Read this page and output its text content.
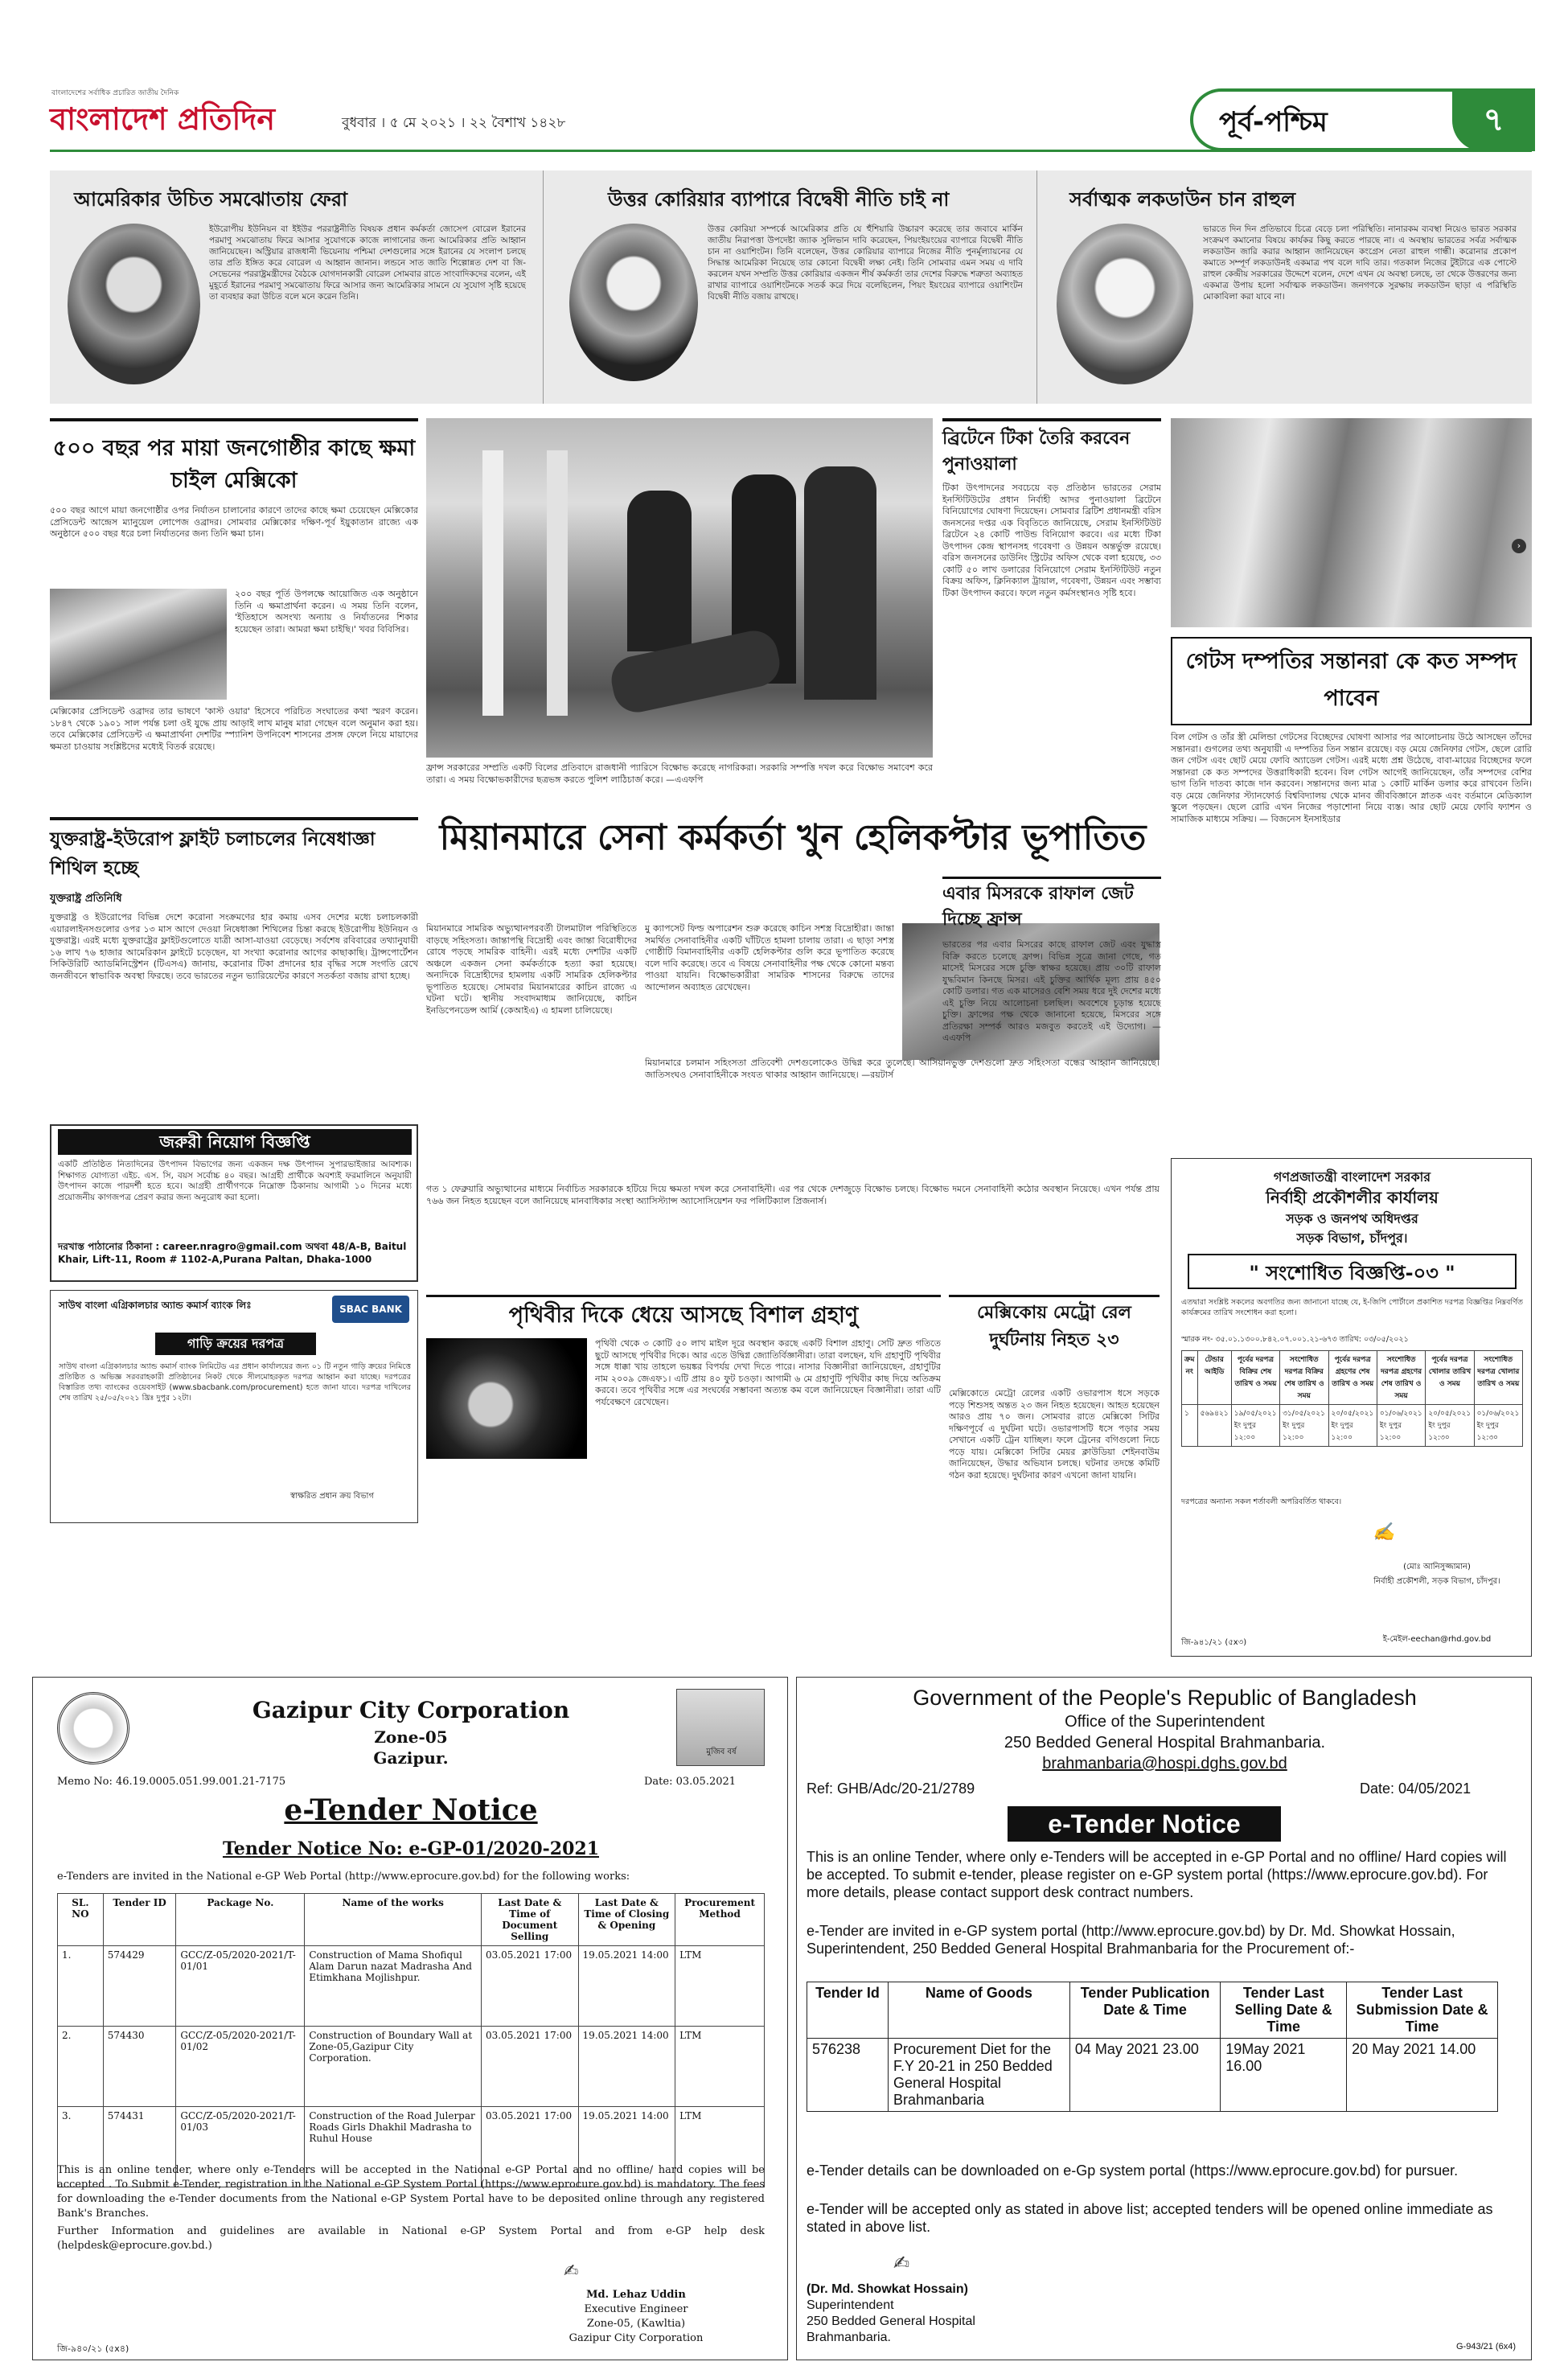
বাংলাদেশের সর্বাধিক প্রচারিত জাতীয় দৈনিক
বাংলাদেশ প্রতিদিন	বুধবার । ৫ মে ২০২১ । ২২ বৈশাখ ১৪২৮	পূর্ব-পশ্চিম	৭
আমেরিকার উচিত সমঝোতায় ফেরা
ইউরোপীয় ইউনিয়ন বা ইইউর পররাষ্ট্রনীতি বিষয়ক প্রধান কর্মকর্তা জোসেপ বোরেল ইরানের পরমাণু সমঝোতায় ফিরে আসার সুযোগকে কাজে লাগানোর জন্য আমেরিকার প্রতি আহ্বান জানিয়েছেন। অস্ট্রিয়ার রাজধানী ভিয়েনায় পশ্চিমা দেশগুলোর সঙ্গে ইরানের যে সংলাপ চলছে তার প্রতি ইঙ্গিত করে বোরেল এ আহ্বান জানান। লন্ডনে সাত জাতি শিল্পোন্নত দেশ বা জি-সেভেনের পররাষ্ট্রমন্ত্রীদের বৈঠকে যোগদানকারী বোরেল সোমবার রাতে সাংবাদিকদের বলেন, এই মুহূর্তে ইরানের পরমাণু সমঝোতায় ফিরে আসার জন্য আমেরিকার সামনে যে সুযোগ সৃষ্টি হয়েছে তা ব্যবহার করা উচিত বলে মনে করেন তিনি।
উত্তর কোরিয়ার ব্যাপারে বিদ্বেষী নীতি চাই না
উত্তর কোরিয়া সম্পর্কে আমেরিকার প্রতি যে হুঁশিয়ারি উচ্চারণ করেছে তার জবাবে মার্কিন জাতীয় নিরাপত্তা উপদেষ্টা জ্যাক সুলিভান দাবি করেছেন, পিয়ংইয়ংয়ের ব্যাপারে বিদ্বেষী নীতি চান না ওয়াশিংটন। তিনি বলেছেন, উত্তর কোরিয়ার ব্যাপারে নিজের নীতি পুনর্মূল্যায়নের যে সিদ্ধান্ত আমেরিকা নিয়েছে তার কোনো বিদ্বেষী লক্ষ্য নেই। তিনি সোমবার এমন সময় এ দাবি করলেন যখন সম্প্রতি উত্তর কোরিয়ার একজন শীর্ষ কর্মকর্তা তার দেশের বিরুদ্ধে শত্রুতা অব্যাহত রাখার ব্যাপারে ওয়াশিংটনকে সতর্ক করে দিয়ে বলেছিলেন, পিয়ং ইয়ংয়ের ব্যাপারে ওয়াশিংটন বিদ্বেষী নীতি বজায় রাখছে।
সর্বাত্মক লকডাউন চান রাহুল
ভারতে দিন দিন প্রতিভাবে চিত্রে বেড়ে চলা পরিস্থিতি। নানারকম ব্যবস্থা নিয়েও ভারত সরকার সংক্রমণ কমানোর বিষয়ে কার্যকর কিছু করতে পারছে না। এ অবস্থায় ভারতের সর্বত্র সর্বাত্মক লকডাউন জারি করার আহ্বান জানিয়েছেন কংগ্রেস নেতা রাহুল গান্ধী। করোনার প্রকোপ কমাতে সম্পূর্ণ লকডাউনই একমাত্র পথ বলে দাবি তার। গতকাল নিজের টুইটারে এক পোস্টে রাহুল কেন্দ্রীয় সরকারের উদ্দেশে বলেন, দেশে এখন যে অবস্থা চলছে, তা থেকে উত্তরণের জন্য একমাত্র উপায় হলো সর্বাত্মক লকডাউন। জনগণকে সুরক্ষায় লকডাউন ছাড়া এ পরিস্থিতি মোকাবিলা করা যাবে না।
৫০০ বছর পর মায়া জনগোষ্ঠীর কাছে ক্ষমা চাইল মেক্সিকো
৫০০ বছর আগে মায়া জনগোষ্ঠীর ওপর নির্যাতন চালানোর কারণে তাদের কাছে ক্ষমা চেয়েছেন মেক্সিকোর প্রেসিডেন্ট আন্দ্রেস ম্যানুয়েল লোপেজ ওব্রাদর। সোমবার মেক্সিকোর দক্ষিণ-পূর্ব ইয়ুকাতান রাজ্যে এক অনুষ্ঠানে ৫০০ বছর ধরে চলা নির্যাতনের জন্য তিনি ক্ষমা চান।
২০০ বছর পূর্তি উপলক্ষে আয়োজিত এক অনুষ্ঠানে তিনি এ ক্ষমাপ্রার্থনা করেন। এ সময় তিনি বলেন, 'ইতিহাসে অসংখ্য অন্যায় ও নির্যাতনের শিকার হয়েছেন তারা। আমরা ক্ষমা চাইছি।' খবর বিবিসির।
মেক্সিকোর প্রেসিডেন্ট ওব্রাদর তার ভাষণে 'কাস্ট ওয়ার' হিসেবে পরিচিত সংঘাতের কথা স্মরণ করেন। ১৮৪৭ থেকে ১৯০১ সাল পর্যন্ত চলা ওই যুদ্ধে প্রায় আড়াই লাখ মানুষ মারা গেছেন বলে অনুমান করা হয়। তবে মেক্সিকোর প্রেসিডেন্ট এ ক্ষমাপ্রার্থনা দেশটির স্প্যানিশ উপনিবেশ শাসনের প্রসঙ্গ ফেলে নিয়ে মায়াদের ক্ষমতা চাওয়ায় সংশ্লিষ্টদের মধ্যেই বিতর্ক রয়েছে।
ফ্রান্স সরকারের সম্প্রতি একটি বিলের প্রতিবাদে রাজধানী প্যারিসে বিক্ষোভ করেছে নাগরিকরা। সরকারি সম্পত্তি দখল করে বিক্ষোভ সমাবেশ করে তারা। এ সময় বিক্ষোভকারীদের ছত্রভঙ্গ করতে পুলিশ লাঠিচার্জ করে। —এএফপি
ব্রিটেনে টিকা তৈরি করবেন পুনাওয়ালা
টিকা উৎপাদনের সবচেয়ে বড় প্রতিষ্ঠান ভারতের সেরাম ইনস্টিটিউটের প্রধান নির্বাহী আদর পুনাওয়ালা ব্রিটেনে বিনিয়োগের ঘোষণা দিয়েছেন। সোমবার ব্রিটিশ প্রধানমন্ত্রী বরিস জনসনের দপ্তর এক বিবৃতিতে জানিয়েছে, সেরাম ইনস্টিটিউট ব্রিটেনে ২৪ কোটি পাউন্ড বিনিয়োগ করবে। এর মধ্যে টিকা উৎপাদন কেন্দ্র স্থাপনসহ গবেষণা ও উন্নয়ন অন্তর্ভুক্ত রয়েছে। বরিস জনসনের ডাউনিং স্ট্রিটের অফিস থেকে বলা হয়েছে, ৩৩ কোটি ৫০ লাখ ডলারের বিনিয়োগে সেরাম ইনস্টিটিউট নতুন বিক্রয় অফিস, ক্লিনিক্যাল ট্রায়াল, গবেষণা, উন্নয়ন এবং সম্ভাব্য টিকা উৎপাদন করবে। ফলে নতুন কর্মসংস্থানও সৃষ্টি হবে।
›
গেটস দম্পতির সন্তানরা কে কত সম্পদ পাবেন
বিল গেটস ও তাঁর স্ত্রী মেলিন্ডা গেটসের বিচ্ছেদের ঘোষণা আসার পর আলোচনায় উঠে আসছেন তাঁদের সন্তানরা। গুগলের তথ্য অনুযায়ী এ দম্পতির তিন সন্তান রয়েছে। বড় মেয়ে জেনিফার গেটস, ছেলে রোরি জন গেটস এবং ছোট মেয়ে ফোবি অ্যাডেল গেটস। এরই মধ্যে প্রশ্ন উঠেছে, বাবা-মায়ের বিচ্ছেদের ফলে সন্তানরা কে কত সম্পদের উত্তরাধিকারী হবেন। বিল গেটস আগেই জানিয়েছেন, তাঁর সম্পদের বেশির ভাগ তিনি দাতব্য কাজে দান করবেন। সন্তানদের জন্য মাত্র ১ কোটি মার্কিন ডলার করে রাখবেন তিনি। বড় মেয়ে জেনিফার স্ট্যানফোর্ড বিশ্ববিদ্যালয় থেকে মানব জীববিজ্ঞানে স্নাতক এবং বর্তমানে মেডিক্যাল স্কুলে পড়ছেন। ছেলে রোরি এখন নিজের পড়াশোনা নিয়ে ব্যস্ত। আর ছোট মেয়ে ফোবি ফ্যাশন ও সামাজিক মাধ্যমে সক্রিয়। — বিজনেস ইনসাইডার
মিয়ানমারে সেনা কর্মকর্তা খুন হেলিকপ্টার ভূপাতিত
মিয়ানমারে সামরিক অভ্যুত্থানপরবর্তী টালমাটাল পরিস্থিতিতে বাড়ছে সহিংসতা। জান্তাপন্থি বিদ্রোহী এবং জান্তা বিরোধীদের রোষে পড়ছে সামরিক বাহিনী। এরই মধ্যে দেশটির একটি অঞ্চলে একজন সেনা কর্মকর্তাকে হত্যা করা হয়েছে। অন্যদিকে বিদ্রোহীদের হামলায় একটি সামরিক হেলিকপ্টার ভূপাতিত হয়েছে। সোমবার মিয়ানমারের কাচিন রাজ্যে এ ঘটনা ঘটে। স্থানীয় সংবাদমাধ্যম জানিয়েছে, কাচিন ইনডিপেনডেন্স আর্মি (কেআইএ) এ হামলা চালিয়েছে।
মু ক্যাপসেট ফিল্ড অপারেশন শুরু করেছে কাচিন সশস্ত্র বিদ্রোহীরা। জান্তা সমর্থিত সেনাবাহিনীর একটি ঘাঁটিতে হামলা চালায় তারা। এ ছাড়া সশস্ত্র গোষ্ঠীটি বিমানবাহিনীর একটি হেলিকপ্টার গুলি করে ভূপাতিত করেছে বলে দাবি করেছে। তবে এ বিষয়ে সেনাবাহিনীর পক্ষ থেকে কোনো মন্তব্য পাওয়া যায়নি। বিক্ষোভকারীরা সামরিক শাসনের বিরুদ্ধে তাদের আন্দোলন অব্যাহত রেখেছেন।
মিয়ানমারে চলমান সহিংসতা প্রতিবেশী দেশগুলোকেও উদ্বিগ্ন করে তুলেছে। আসিয়ানভুক্ত দেশগুলো দ্রুত সহিংসতা বন্ধের আহ্বান জানিয়েছে। জাতিসংঘও সেনাবাহিনীকে সংযত থাকার আহ্বান জানিয়েছে। —রয়টার্স
গত ১ ফেব্রুয়ারি অভ্যুত্থানের মাধ্যমে নির্বাচিত সরকারকে হটিয়ে দিয়ে ক্ষমতা দখল করে সেনাবাহিনী। এর পর থেকে দেশজুড়ে বিক্ষোভ চলছে। বিক্ষোভ দমনে সেনাবাহিনী কঠোর অবস্থান নিয়েছে। এখন পর্যন্ত প্রায় ৭৬৬ জন নিহত হয়েছেন বলে জানিয়েছে মানবাধিকার সংস্থা অ্যাসিস্ট্যান্স অ্যাসোসিয়েশন ফর পলিটিক্যাল প্রিজনার্স।
যুক্তরাষ্ট্র-ইউরোপ ফ্লাইট চলাচলের নিষেধাজ্ঞা শিথিল হচ্ছে
যুক্তরাষ্ট্র প্রতিনিধি
যুক্তরাষ্ট্র ও ইউরোপের বিভিন্ন দেশে করোনা সংক্রমণের হার কমায় এসব দেশের মধ্যে চলাচলকারী এয়ারলাইনসগুলোর ওপর ১৩ মাস আগে দেওয়া নিষেধাজ্ঞা শিথিলের চিন্তা করছে ইউরোপীয় ইউনিয়ন ও যুক্তরাষ্ট্র। এরই মধ্যে যুক্তরাষ্ট্রের ফ্লাইটগুলোতে যাত্রী আসা-যাওয়া বেড়েছে। সর্বশেষ রবিবারের তথ্যানুযায়ী ১৬ লাখ ৭৬ হাজার আমেরিকান ফ্লাইটে চড়েছেন, যা সংখ্যা করোনার আগের কাছাকাছি। ট্রান্সপোর্টেশন সিকিউরিটি অ্যাডমিনিস্ট্রেশন (টিএসএ) জানায়, করোনার টিকা প্রদানের হার বৃদ্ধির সঙ্গে সংগতি রেখে জনজীবনে স্বাভাবিক অবস্থা ফিরছে। তবে ভারতের নতুন ভ্যারিয়েন্টের কারণে সতর্কতা বজায় রাখা হচ্ছে।
জরুরী নিয়োগ বিজ্ঞপ্তি
একটি প্রতিষ্ঠিত নিত্যদিনের উৎপাদন বিভাগের জন্য একজন দক্ষ উৎপাদন সুপারভাইজার আবশ্যক। শিক্ষাগত যোগ্যতা এইচ. এস. সি, বয়স সর্বোচ্চ ৪০ বছর। আগ্রহী প্রার্থীকে অবশ্যই ফরমালিনে অনুযায়ী উৎপাদন কাজে পারদর্শী হতে হবে। আগ্রহী প্রার্থীগণকে নিম্নোক্ত ঠিকানায় আগামী ১০ দিনের মধ্যে প্রয়োজনীয় কাগজপত্র প্রেরণ করার জন্য অনুরোধ করা হলো।
দরখাস্ত পাঠানোর ঠিকানা : career.nragro@gmail.com অথবা 48/A-B, Baitul Khair, Lift-11, Room # 1102-A,Purana Paltan, Dhaka-1000
সাউথ বাংলা এগ্রিকালচার অ্যান্ড কমার্স ব্যাংক লিঃ	SBAC BANK
গাড়ি ক্রয়ের দরপত্র
সাউথ বাংলা এগ্রিকালচার অ্যান্ড কমার্স ব্যাংক লিমিটেড এর প্রধান কার্যালয়ের জন্য ০১ টি নতুন গাড়ি ক্রয়ের নিমিত্তে প্রতিষ্ঠিত ও অভিজ্ঞ সরবরাহকারী প্রতিষ্ঠানের নিকট থেকে সীলমোহরকৃত দরপত্র আহ্বান করা যাচ্ছে। দরপত্রের বিস্তারিত তথ্য ব্যাংকের ওয়েবসাইট (www.sbacbank.com/procurement) হতে জানা যাবে। দরপত্র দাখিলের শেষ তারিখ ২৫/০৫/২০২১ খ্রিঃ দুপুর ১২টা।
স্বাক্ষরিত প্রধান ক্রয় বিভাগ
পৃথিবীর দিকে ধেয়ে আসছে বিশাল গ্রহাণু
পৃথিবী থেকে ৩ কোটি ৫০ লাখ মাইল দূরে অবস্থান করছে একটি বিশাল গ্রহাণু। সেটি দ্রুত গতিতে ছুটে আসছে পৃথিবীর দিকে। আর এতে উদ্বিগ্ন জ্যোতির্বিজ্ঞানীরা। তারা বলছেন, যদি গ্রহাণুটি পৃথিবীর সঙ্গে ধাক্কা খায় তাহলে ভয়ঙ্কর বিপর্যয় দেখা দিতে পারে। নাসার বিজ্ঞানীরা জানিয়েছেন, গ্রহাণুটির নাম ২০০৯ জেএফ১। এটি প্রায় ৪০ ফুট চওড়া। আগামী ৬ মে গ্রহাণুটি পৃথিবীর কাছ দিয়ে অতিক্রম করবে। তবে পৃথিবীর সঙ্গে এর সংঘর্ষের সম্ভাবনা অত্যন্ত কম বলে জানিয়েছেন বিজ্ঞানীরা। তারা এটি পর্যবেক্ষণে রেখেছেন।
মেক্সিকোয় মেট্রো রেল দুর্ঘটনায় নিহত ২৩
মেক্সিকোতে মেট্রো রেলের একটি ওভারপাস ধসে সড়কে পড়ে শিশুসহ অন্তত ২৩ জন নিহত হয়েছেন। আহত হয়েছেন আরও প্রায় ৭০ জন। সোমবার রাতে মেক্সিকো সিটির দক্ষিণপূর্বে এ দুর্ঘটনা ঘটে। ওভারপাসটি ধসে পড়ার সময় সেখানে একটি ট্রেন যাচ্ছিল। ফলে ট্রেনের বগিগুলো নিচে পড়ে যায়। মেক্সিকো সিটির মেয়র ক্লাউডিয়া শেইনবাউম জানিয়েছেন, উদ্ধার অভিযান চলছে। ঘটনার তদন্তে কমিটি গঠন করা হয়েছে। দুর্ঘটনার কারণ এখনো জানা যায়নি।
এবার মিসরকে রাফাল জেট দিচ্ছে ফ্রান্স
ভারতের পর এবার মিসরের কাছে রাফাল জেট এবং যুদ্ধাস্ত্র বিক্রি করতে চলেছে ফ্রান্স। বিভিন্ন সূত্রে জানা গেছে, গত মাসেই মিসরের সঙ্গে চুক্তি স্বাক্ষর হয়েছে। প্রায় ৩০টি রাফাল যুদ্ধবিমান কিনছে মিসর। এই চুক্তির আর্থিক মূল্য প্রায় ৪৫০ কোটি ডলার। গত এক মাসেরও বেশি সময় ধরে দুই দেশের মধ্যে এই চুক্তি নিয়ে আলোচনা চলছিল। অবশেষে চূড়ান্ত হয়েছে চুক্তি। ফ্রান্সের পক্ষ থেকে জানানো হয়েছে, মিসরের সঙ্গে প্রতিরক্ষা সম্পর্ক আরও মজবুত করতেই এই উদ্যোগ। — এএফপি
গণপ্রজাতন্ত্রী বাংলাদেশ সরকার
নির্বাহী প্রকৌশলীর কার্যালয়
সড়ক ও জনপথ অধিদপ্তর
সড়ক বিভাগ, চাঁদপুর।
" সংশোধিত বিজ্ঞপ্তি-০৩ "
এতদ্বারা সংশ্লিষ্ট সকলের অবগতির জন্য জানানো যাচ্ছে যে, ই-জিপি পোর্টালে প্রকাশিত দরপত্র বিজ্ঞপ্তির নিম্নবর্ণিত কার্যক্রমের তারিখ সংশোধন করা হলো।
স্মারক নং- ৩৫.০১.১৩০০.৮৪২.০৭.০০১.২১-৬৭৩ তারিখ: ০৩/০৫/২০২১
ক্রম নং	টেন্ডার আইডি	পূর্বের দরপত্র বিক্রির শেষ তারিখ ও সময়	সংশোধিত দরপত্র বিক্রির শেষ তারিখ ও সময়	পূর্বের দরপত্র গ্রহণের শেষ তারিখ ও সময়	সংশোধিত দরপত্র গ্রহণের শেষ তারিখ ও সময়	পূর্বের দরপত্র খোলার তারিখ ও সময়	সংশোধিত দরপত্র খোলার তারিখ ও সময়
১	৫৬৯৪২১	১৯/০৫/২০২১ ইং দুপুর ১২:০০	৩১/০৫/২০২১ ইং দুপুর ১২:০০	২০/০৫/২০২১ ইং দুপুর ১২:০০	০১/০৬/২০২১ ইং দুপুর ১২:০০	২০/০৫/২০২১ ইং দুপুর ১২:৩০	০১/০৬/২০২১ ইং দুপুর ১২:৩০
দরপত্রের অন্যান্য সকল শর্তাবলী অপরিবর্তিত থাকবে।
✍
(মোঃ আনিসুজ্জামান)
নির্বাহী প্রকৌশলী, সড়ক বিভাগ, চাঁদপুর।
ই-মেইল-eechan@rhd.gov.bd
জি-৯৪১/২১ (৫x৩)
Gazipur City Corporation
Zone-05
Gazipur.	মুজিব বর্ষ
Memo No: 46.19.0005.051.99.001.21-7175	Date: 03.05.2021
e-Tender Notice
Tender Notice No: e-GP-01/2020-2021
e-Tenders are invited in the National e-GP Web Portal (http://www.eprocure.gov.bd) for the following works:
SL. NO	Tender ID	Package No.	Name of the works	Last Date & Time of Document Selling	Last Date & Time of Closing & Opening	Procurement Method
1.	574429	GCC/Z-05/2020-2021/T-01/01	Construction of Mama Shofiqul Alam Darun nazat Madrasha And Etimkhana Mojlishpur.	03.05.2021 17:00	19.05.2021 14:00	LTM
2.	574430	GCC/Z-05/2020-2021/T-01/02	Construction of Boundary Wall at Zone-05,Gazipur City Corporation.	03.05.2021 17:00	19.05.2021 14:00	LTM
3.	574431	GCC/Z-05/2020-2021/T-01/03	Construction of the Road Julerpar Roads Girls Dhakhil Madrasha to Ruhul House	03.05.2021 17:00	19.05.2021 14:00	LTM
This is an online tender, where only e-Tenders will be accepted in the National e-GP Portal and no offline/ hard copies will be accepted . To Submit e-Tender, registration in the National e-GP System Portal (https://www.eprocure.gov.bd) is mandatory. The fees for downloading the e-Tender documents from the National e-GP System Portal have to be deposited online through any registered Bank's Branches.
Further Information and guidelines are available in National e-GP System Portal and from e-GP help desk (helpdesk@eprocure.gov.bd.)
✍
Md. Lehaz Uddin
Executive Engineer
Zone-05, (Kawltia)
Gazipur City Corporation
জি-৯৪০/২১ (৫x৪)
Government of the People's Republic of Bangladesh
Office of the Superintendent
250 Bedded General Hospital Brahmanbaria.
brahmanbaria@hospi.dghs.gov.bd
Ref: GHB/Adc/20-21/2789	Date: 04/05/2021
e-Tender Notice
This is an online Tender, where only e-Tenders will be accepted in e-GP Portal and no offline/ Hard copies will be accepted. To submit e-tender, please register on e-GP system portal (https://www.eprocure.gov.bd). For more details, please contact support desk contract numbers.
e-Tender are invited in e-GP system portal (http://www.eprocure.gov.bd) by Dr. Md. Showkat Hossain, Superintendent, 250 Bedded General Hospital Brahmanbaria for the Procurement of:-
Tender Id	Name of Goods	Tender Publication Date & Time	Tender Last Selling Date & Time	Tender Last Submission Date & Time
576238	Procurement Diet for the F.Y 20-21 in 250 Bedded General Hospital Brahmanbaria	04 May 2021 23.00	19May 2021 16.00	20 May 2021 14.00
e-Tender details can be downloaded on e-Gp system portal (https://www.eprocure.gov.bd) for pursuer.
e-Tender will be accepted only as stated in above list; accepted tenders will be opened online immediate as stated in above list.
✍
(Dr. Md. Showkat Hossain)
Superintendent
250 Bedded General Hospital
Brahmanbaria.
G-943/21 (6x4)
